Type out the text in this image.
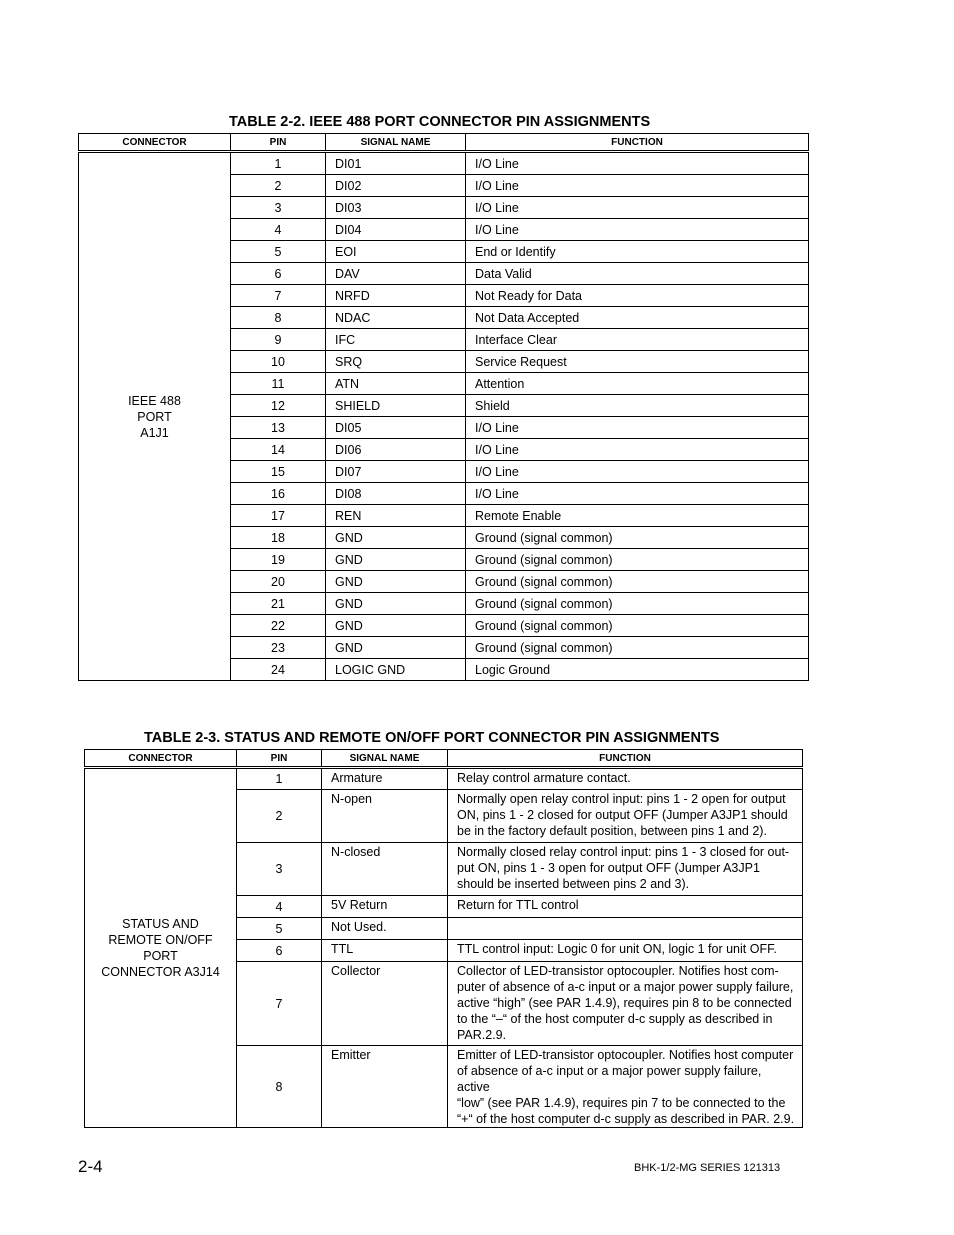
TABLE 2-2. IEEE 488 PORT CONNECTOR PIN ASSIGNMENTS
CONNECTOR	PIN	SIGNAL NAME	FUNCTION

IEEE 488
PORT
A1J1	1	DI01	I/O Line
	2	DI02	I/O Line
	3	DI03	I/O Line
	4	DI04	I/O Line
	5	EOI	End or Identify
	6	DAV	Data Valid
	7	NRFD	Not Ready for Data
	8	NDAC	Not Data Accepted
	9	IFC	Interface Clear
	10	SRQ	Service Request
	11	ATN	Attention
	12	SHIELD	Shield
	13	DI05	I/O Line
	14	DI06	I/O Line
	15	DI07	I/O Line
	16	DI08	I/O Line
	17	REN	Remote Enable
	18	GND	Ground (signal common)
	19	GND	Ground (signal common)
	20	GND	Ground (signal common)
	21	GND	Ground (signal common)
	22	GND	Ground (signal common)
	23	GND	Ground (signal common)
	24	LOGIC GND	Logic Ground
TABLE 2-3. STATUS AND REMOTE ON/OFF PORT CONNECTOR PIN ASSIGNMENTS
CONNECTOR	PIN	SIGNAL NAME	FUNCTION

STATUS AND
REMOTE ON/OFF
PORT
CONNECTOR A3J14	1	Armature	Relay control armature contact.

	2	N-open	Normally open relay control input: pins 1 - 2 open for output
ON, pins 1 - 2 closed for output OFF (Jumper A3JP1 should
be in the factory default position, between pins 1 and 2).

	3	N-closed	Normally closed relay control input: pins 1 - 3 closed for out-
put ON, pins 1 - 3 open for output OFF (Jumper A3JP1
should be inserted between pins 2 and 3).

	4	5V Return	Return for TTL control

	5	Not Used.	
	6	TTL	TTL control input: Logic 0 for unit ON, logic 1 for unit OFF.

	7	Collector	Collector of LED-transistor optocoupler. Notifies host com-
puter of absence of a-c input or a major power supply failure,
active “high” (see PAR 1.4.9), requires pin 8 to be connected
to the “–“ of the host computer d-c supply as described in
PAR.2.9.

	8	Emitter	Emitter of LED-transistor optocoupler. Notifies host computer
of absence of a-c input or a major power supply failure, active
“low” (see PAR 1.4.9), requires pin 7 to be connected to the
“+“ of the host computer d-c supply as described in PAR. 2.9.
2-4	BHK-1/2-MG SERIES 121313
